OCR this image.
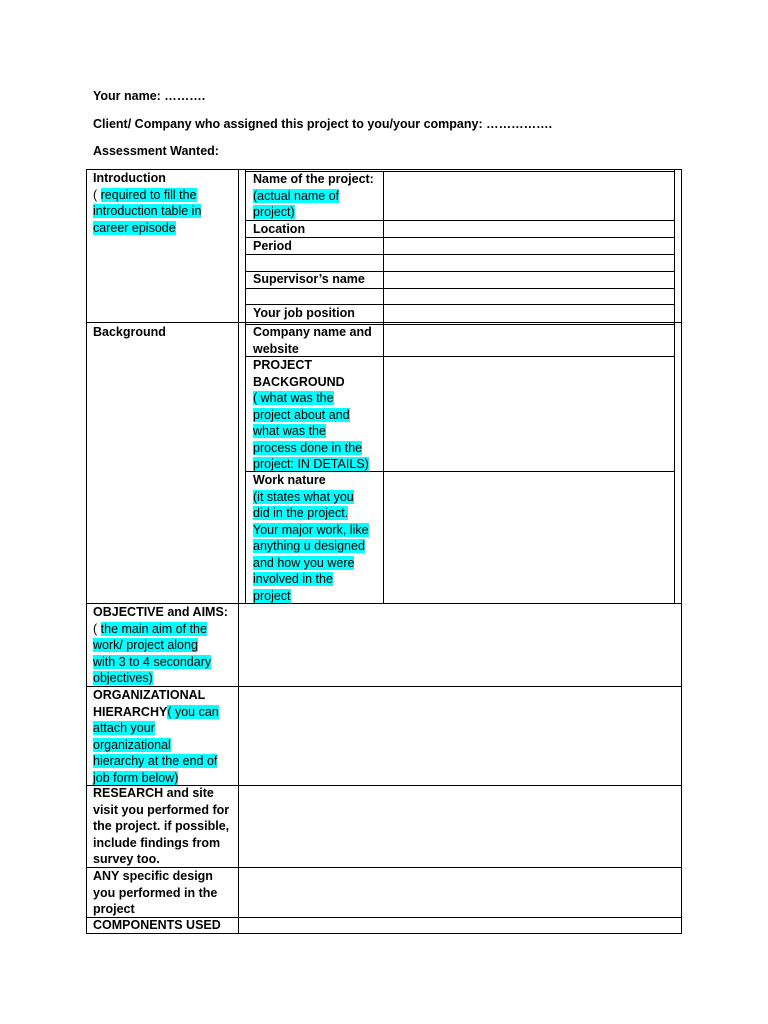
Your name: ……….
Client/ Company who assigned this project to you/your company: …………….
Assessment Wanted:
Introduction
( required to fill the
introduction table in
career episode
Name of the project:
(actual name of
project)
Location
Period
Supervisor’s name
Your job position
Background	Company name and
website
PROJECT
BACKGROUND
( what was the
project about and
what was the
process done in the
project: IN DETAILS)
Work nature
(it states what you
did in the project.
Your major work, like
anything u designed
and how you were
involved in the
project
OBJECTIVE and AIMS:
( the main aim of the
work/ project along
with 3 to 4 secondary
objectives)
ORGANIZATIONAL
HIERARCHY( you can
attach your
organizational
hierarchy at the end of
job form below)
RESEARCH and site
visit you performed for
the project. if possible,
include findings from
survey too.
ANY specific design
you performed in the
project
COMPONENTS USED
